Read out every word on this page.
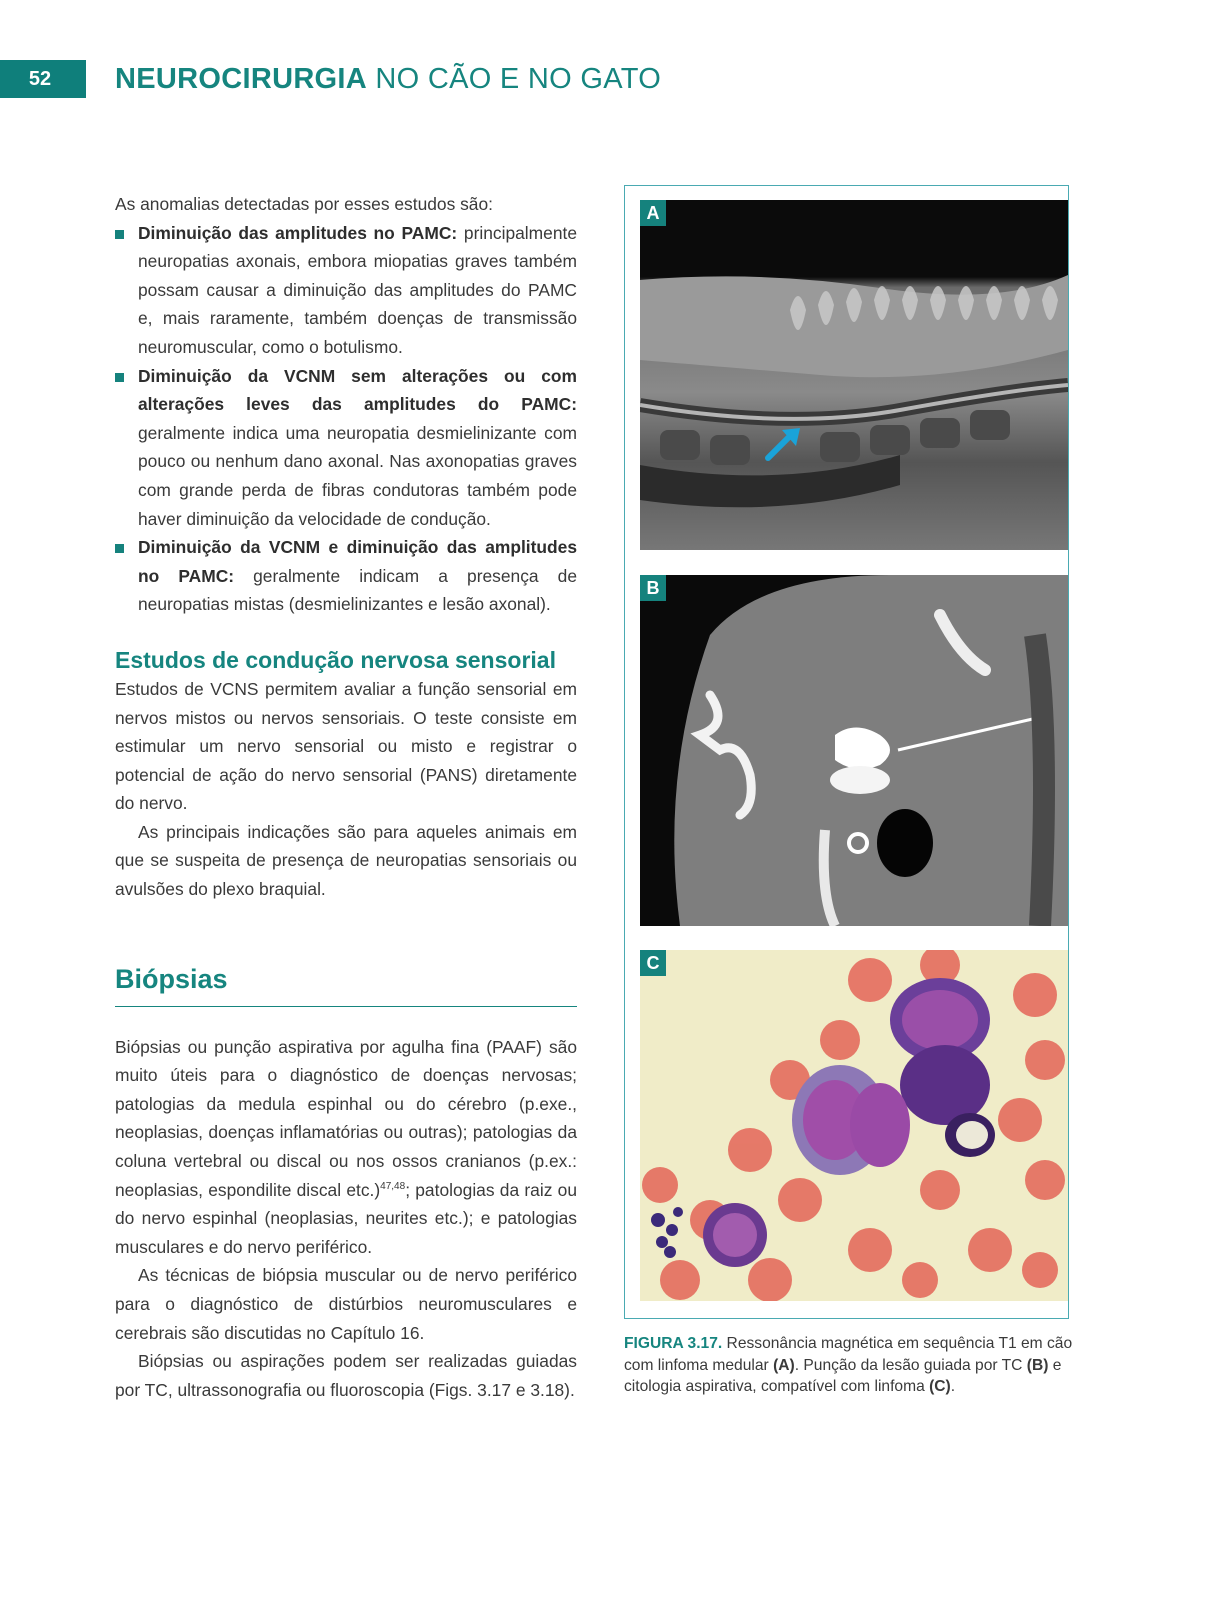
52	NEUROCIRURGIA NO CÃO E NO GATO

As anomalias detectadas por esses estudos são:

Diminuição das amplitudes no PAMC: principalmente neuropatias axonais, embora miopatias graves também possam causar a diminuição das amplitudes do PAMC e, mais raramente, também doenças de transmissão neuromuscular, como o botulismo.
Diminuição da VCNM sem alterações ou com alterações leves das amplitudes do PAMC: geralmente indica uma neuropatia desmielinizante com pouco ou nenhum dano axonal. Nas axonopatias graves com grande perda de fibras condutoras também pode haver diminuição da velocidade de condução.
Diminuição da VCNM e diminuição das amplitudes no PAMC: geralmente indicam a presença de neuropatias mistas (desmielinizantes e lesão axonal).
Estudos de condução nervosa sensorial

Estudos de VCNS permitem avaliar a função sensorial em nervos mistos ou nervos sensoriais. O teste consiste em estimular um nervo sensorial ou misto e registrar o potencial de ação do nervo sensorial (PANS) diretamente do nervo.

As principais indicações são para aqueles animais em que se suspeita de presença de neuropatias sensoriais ou avulsões do plexo braquial.

Biópsias

Biópsias ou punção aspirativa por agulha fina (PAAF) são muito úteis para o diagnóstico de doenças nervosas; patologias da medula espinhal ou do cérebro (p.exe., neoplasias, doenças inflamatórias ou outras); patologias da coluna vertebral ou discal ou nos ossos cranianos (p.ex.: neoplasias, espondilite discal etc.)$^{47,48}$; patologias da raiz ou do nervo espinhal (neoplasias, neurites etc.); e patologias musculares e do nervo periférico.

As técnicas de biópsia muscular ou de nervo periférico para o diagnóstico de distúrbios neuromusculares e cerebrais são discutidas no Capítulo 16.

Biópsias ou aspirações podem ser realizadas guiadas por TC, ultrassonografia ou fluoroscopia (Figs. 3.17 e 3.18).

A
B
C
FIGURA 3.17. Ressonância magnética em sequência T1 em cão com linfoma medular (A). Punção da lesão guiada por TC (B) e citologia aspirativa, compatível com linfoma (C).
